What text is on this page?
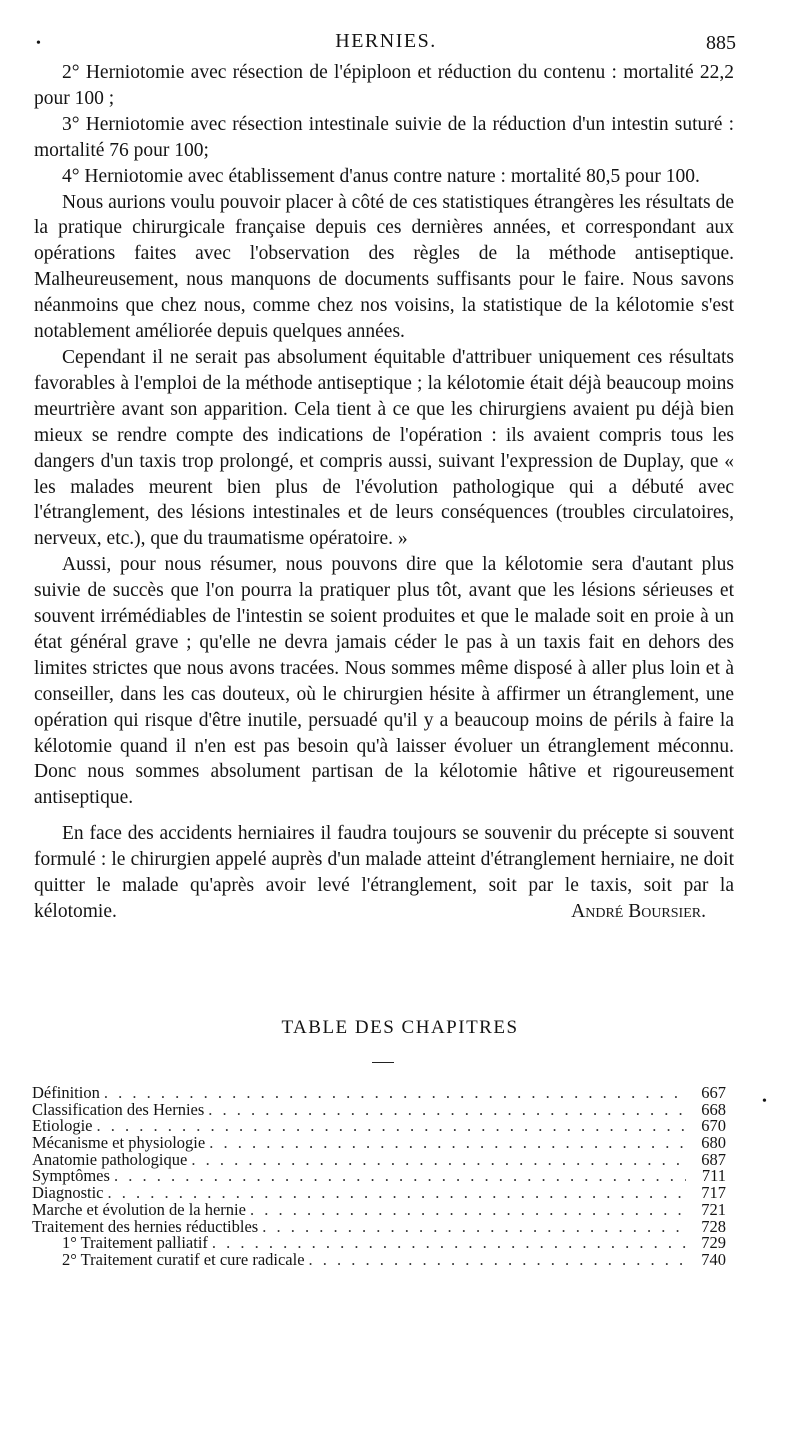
•	HERNIES.	885

2° Herniotomie avec résection de l'épiploon et réduction du contenu : mortalité 22,2 pour 100 ;

3° Herniotomie avec résection intestinale suivie de la réduction d'un intestin suturé : mortalité 76 pour 100;

4° Herniotomie avec établissement d'anus contre nature : mortalité 80,5 pour 100.

Nous aurions voulu pouvoir placer à côté de ces statistiques étrangères les résultats de la pratique chirurgicale française depuis ces dernières années, et correspondant aux opérations faites avec l'observation des règles de la méthode antiseptique. Malheureusement, nous manquons de documents suffisants pour le faire. Nous savons néanmoins que chez nous, comme chez nos voisins, la statistique de la kélotomie s'est notablement améliorée depuis quelques années.

Cependant il ne serait pas absolument équitable d'attribuer uniquement ces résultats favorables à l'emploi de la méthode antiseptique ; la kélotomie était déjà beaucoup moins meurtrière avant son apparition. Cela tient à ce que les chirurgiens avaient pu déjà bien mieux se rendre compte des indications de l'opération : ils avaient compris tous les dangers d'un taxis trop prolongé, et compris aussi, suivant l'expression de Duplay, que « les malades meurent bien plus de l'évolution pathologique qui a débuté avec l'étranglement, des lésions intestinales et de leurs conséquences (troubles circulatoires, nerveux, etc.), que du traumatisme opératoire. »

Aussi, pour nous résumer, nous pouvons dire que la kélotomie sera d'autant plus suivie de succès que l'on pourra la pratiquer plus tôt, avant que les lésions sérieuses et souvent irrémédiables de l'intestin se soient produites et que le malade soit en proie à un état général grave ; qu'elle ne devra jamais céder le pas à un taxis fait en dehors des limites strictes que nous avons tracées. Nous sommes même disposé à aller plus loin et à conseiller, dans les cas douteux, où le chirurgien hésite à affirmer un étranglement, une opération qui risque d'être inutile, persuadé qu'il y a beaucoup moins de périls à faire la kélotomie quand il n'en est pas besoin qu'à laisser évoluer un étranglement méconnu. Donc nous sommes absolument partisan de la kélotomie hâtive et rigoureusement antiseptique.

En face des accidents herniaires il faudra toujours se souvenir du précepte si souvent formulé : le chirurgien appelé auprès d'un malade atteint d'étranglement herniaire, ne doit quitter le malade qu'après avoir levé l'étranglement, soit par le taxis, soit par la kélotomie.	André Boursier.

TABLE DES CHAPITRES
Définition . . .	667
Classification des Hernies . . .	668
Etiologie . . .	670
Mécanisme et physiologie . . .	680
Anatomie pathologique . . .	687
Symptômes . . .	711
Diagnostic . . .	717
Marche et évolution de la hernie . . .	721
Traitement des hernies réductibles . . .	728
1° Traitement palliatif . . .	729
2° Traitement curatif et cure radicale . . .	740
•
